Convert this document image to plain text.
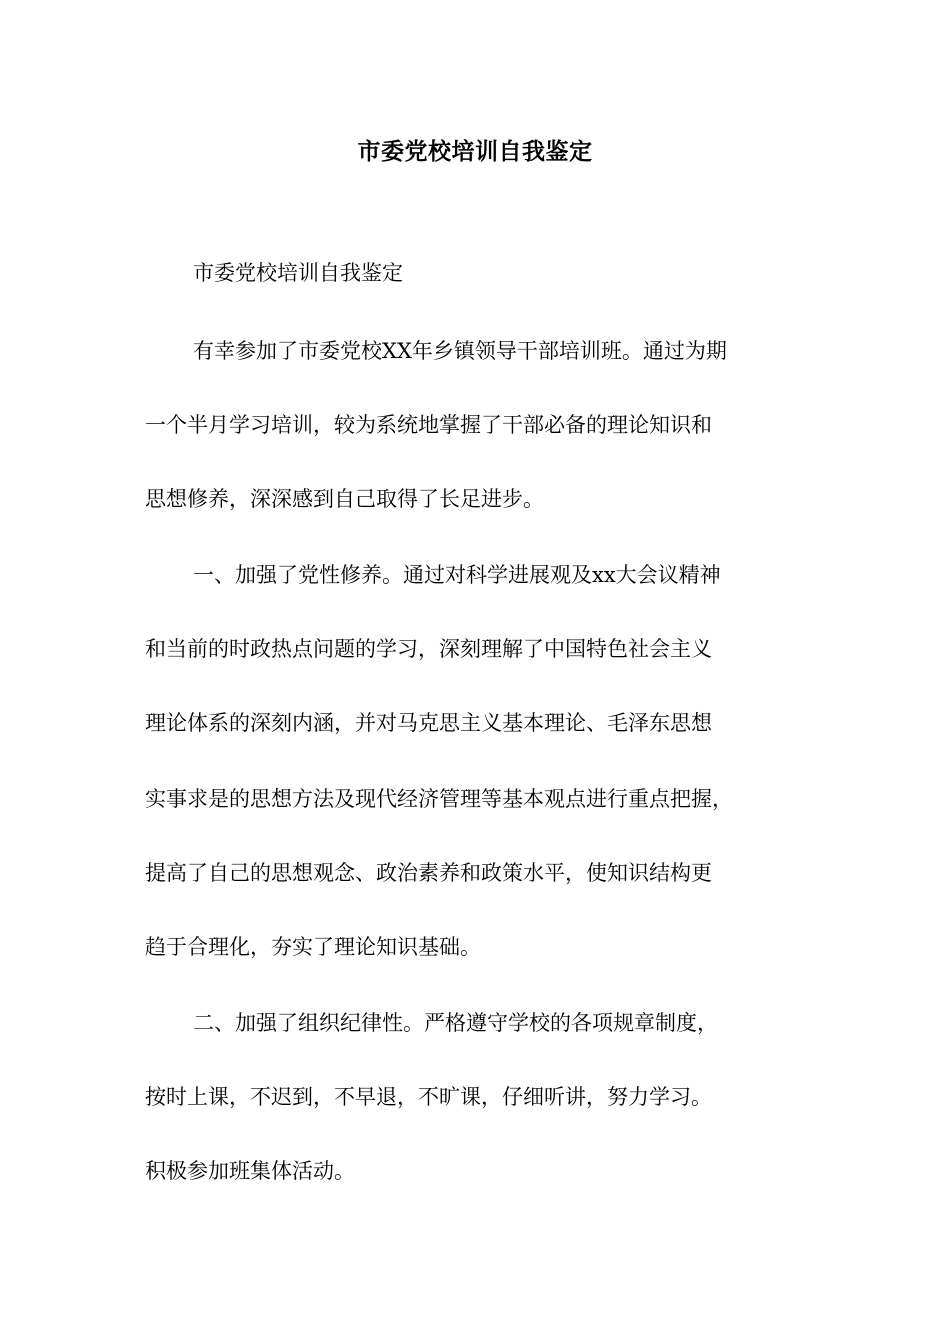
市委党校培训自我鉴定
市委党校培训自我鉴定
有幸参加了市委党校XX年乡镇领导干部培训班。通过为期
一个半月学习培训，较为系统地掌握了干部必备的理论知识和
思想修养，深深感到自己取得了长足进步。
一、加强了党性修养。通过对科学进展观及xx大会议精神
和当前的时政热点问题的学习，深刻理解了中国特色社会主义
理论体系的深刻内涵，并对马克思主义基本理论、毛泽东思想
实事求是的思想方法及现代经济管理等基本观点进行重点把握，
提高了自己的思想观念、政治素养和政策水平，使知识结构更
趋于合理化，夯实了理论知识基础。
二、加强了组织纪律性。严格遵守学校的各项规章制度，
按时上课，不迟到，不早退，不旷课，仔细听讲，努力学习。
积极参加班集体活动。
